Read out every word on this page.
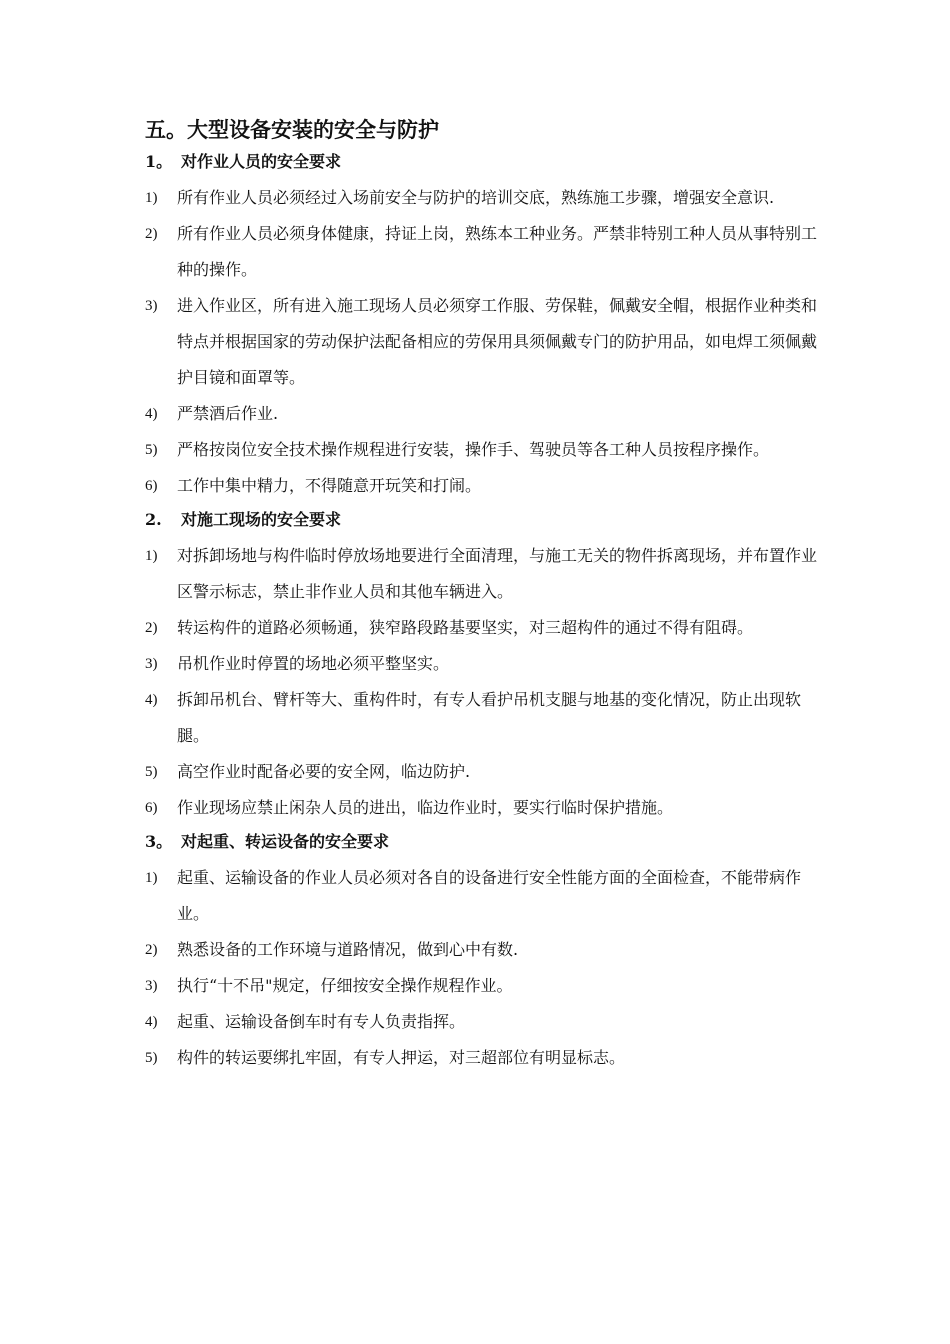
五。大型设备安装的安全与防护
1。 对作业人员的安全要求
1)	所有作业人员必须经过入场前安全与防护的培训交底，熟练施工步骤，增强安全意识.
2)	所有作业人员必须身体健康，持证上岗，熟练本工种业务。严禁非特别工种人员从事特别工种的操作。
3)	进入作业区，所有进入施工现场人员必须穿工作服、劳保鞋，佩戴安全帽，根据作业种类和特点并根据国家的劳动保护法配备相应的劳保用具须佩戴专门的防护用品，如电焊工须佩戴护目镜和面罩等。
4)	严禁酒后作业.
5)	严格按岗位安全技术操作规程进行安装，操作手、驾驶员等各工种人员按程序操作。
6)	工作中集中精力，不得随意开玩笑和打闹。
2. 对施工现场的安全要求
1)	对拆卸场地与构件临时停放场地要进行全面清理，与施工无关的物件拆离现场，并布置作业区警示标志，禁止非作业人员和其他车辆进入。
2)	转运构件的道路必须畅通，狭窄路段路基要坚实，对三超构件的通过不得有阻碍。
3)	吊机作业时停置的场地必须平整坚实。
4)	拆卸吊机台、臂杆等大、重构件时，有专人看护吊机支腿与地基的变化情况，防止出现软腿。
5)	高空作业时配备必要的安全网，临边防护.
6)	作业现场应禁止闲杂人员的进出，临边作业时，要实行临时保护措施。
3。 对起重、转运设备的安全要求
1)	起重、运输设备的作业人员必须对各自的设备进行安全性能方面的全面检查，不能带病作业。
2)	熟悉设备的工作环境与道路情况，做到心中有数.
3)	执行“十不吊"规定，仔细按安全操作规程作业。
4)	起重、运输设备倒车时有专人负责指挥。
5)	构件的转运要绑扎牢固，有专人押运，对三超部位有明显标志。
